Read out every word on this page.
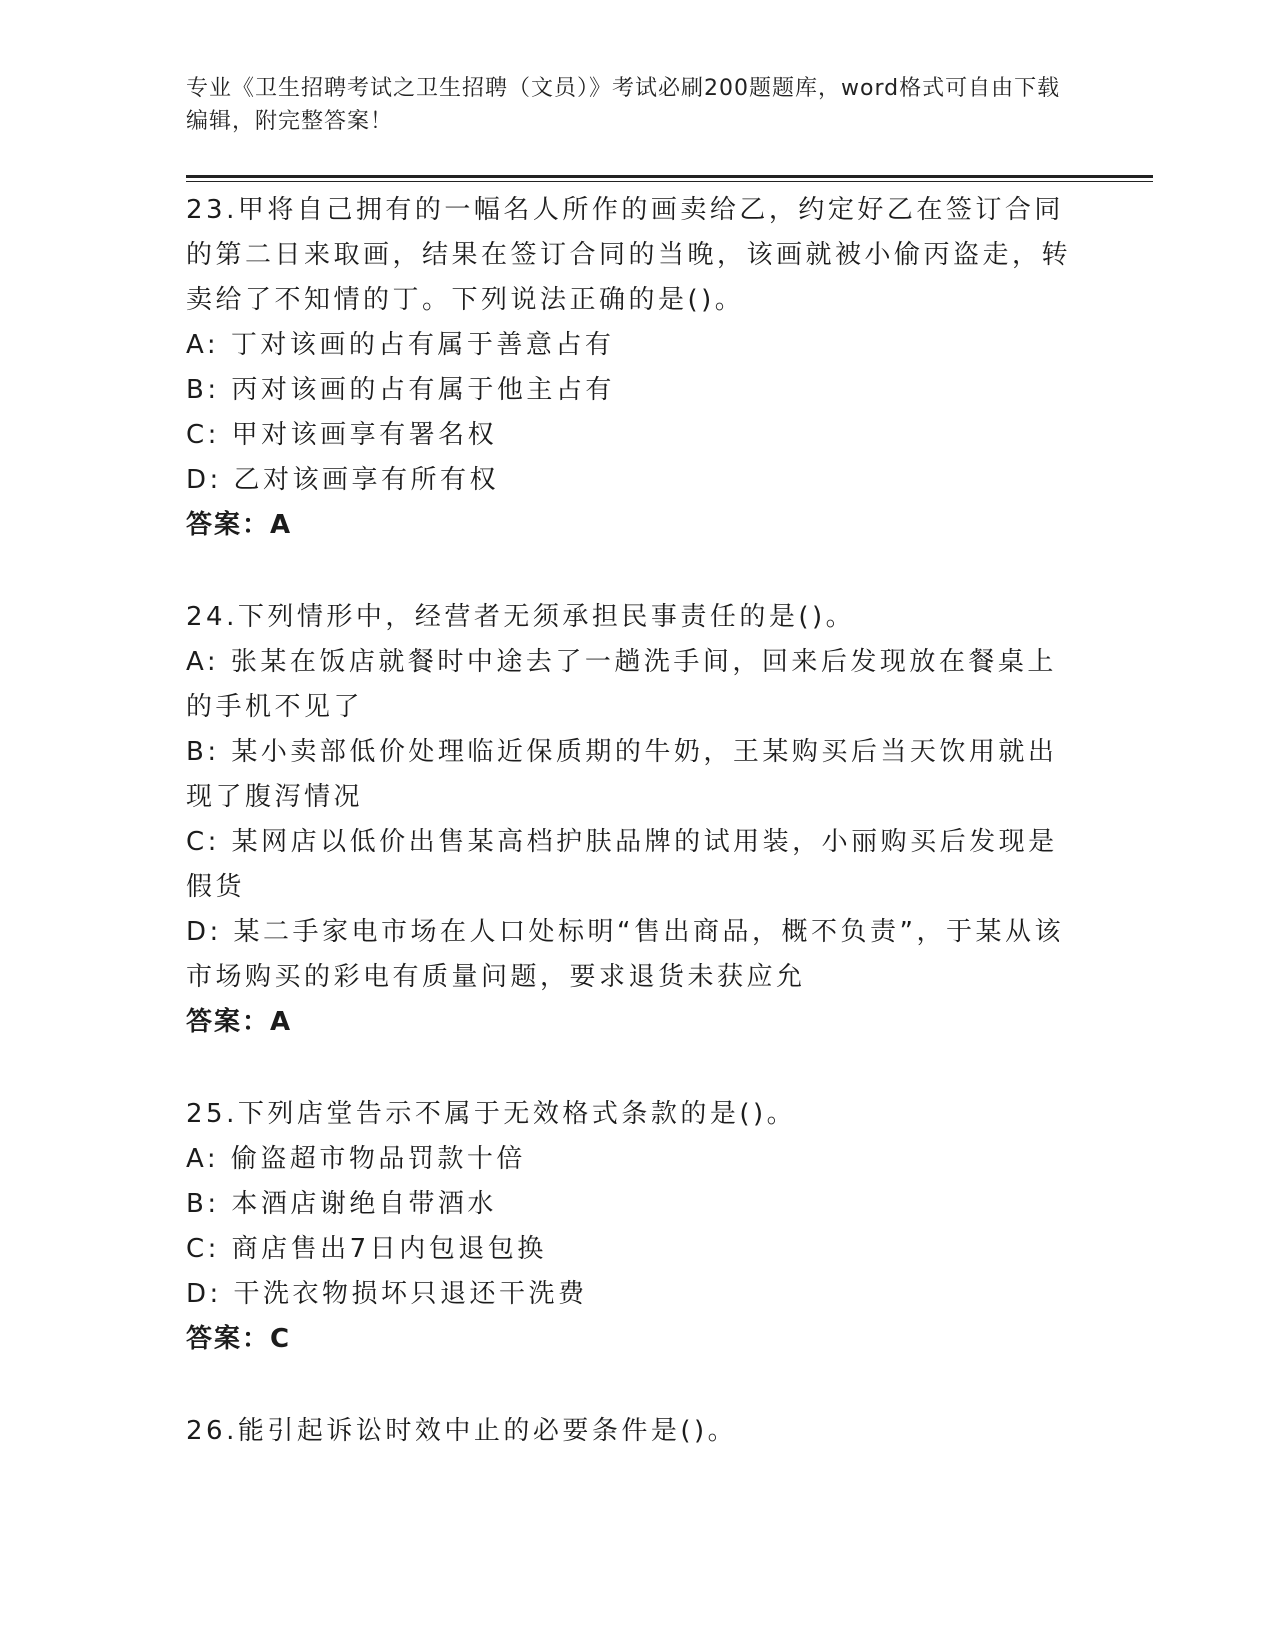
专业《卫生招聘考试之卫生招聘（文员）》考试必刷200题题库，word格式可自由下载编辑，附完整答案！
23.甲将自己拥有的一幅名人所作的画卖给乙，约定好乙在签订合同的第二日来取画，结果在签订合同的当晚，该画就被小偷丙盗走，转卖给了不知情的丁。下列说法正确的是()。
A: 丁对该画的占有属于善意占有
B: 丙对该画的占有属于他主占有
C: 甲对该画享有署名权
D: 乙对该画享有所有权
答案：A
24.下列情形中，经营者无须承担民事责任的是()。
A: 张某在饭店就餐时中途去了一趟洗手间，回来后发现放在餐桌上的手机不见了
B: 某小卖部低价处理临近保质期的牛奶，王某购买后当天饮用就出现了腹泻情况
C: 某网店以低价出售某高档护肤品牌的试用装，小丽购买后发现是假货
D: 某二手家电市场在人口处标明“售出商品，概不负责”，于某从该市场购买的彩电有质量问题，要求退货未获应允
答案：A
25.下列店堂告示不属于无效格式条款的是()。
A: 偷盗超市物品罚款十倍
B: 本酒店谢绝自带酒水
C: 商店售出7日内包退包换
D: 干洗衣物损坏只退还干洗费
答案：C
26.能引起诉讼时效中止的必要条件是()。
